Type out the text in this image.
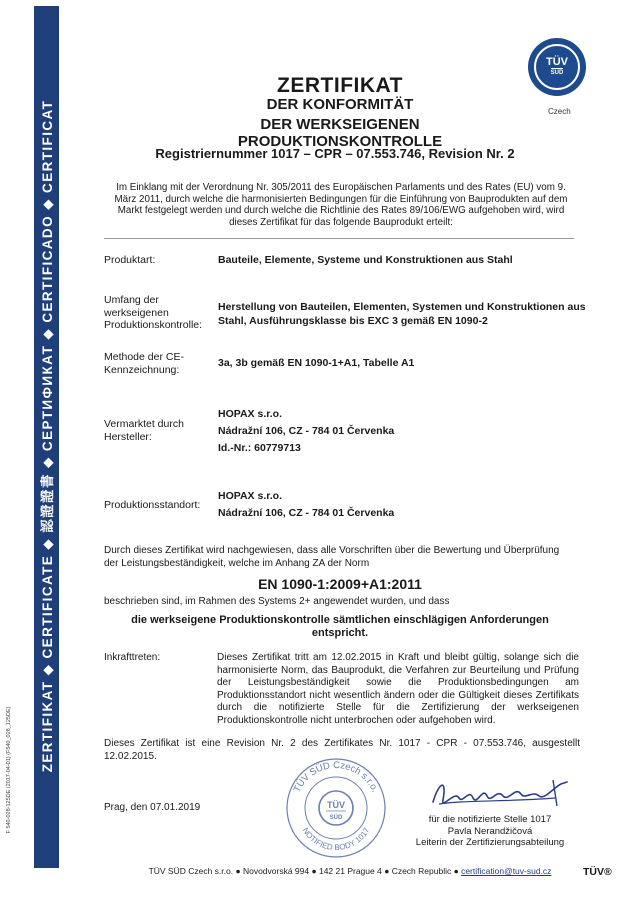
ZERTIFIKAT ◆ CERTIFICATE ◆ 認證證書 ◆ СЕРТИФИКАТ ◆ CERTIFICADO ◆ CERTIFICAT
F 540-028-125DE (2017-04-01) (F540_028_125DE)
TÜV
SÜD
Czech
ZERTIFIKAT
DER KONFORMITÄT
DER WERKSEIGENEN PRODUKTIONSKONTROLLE
Registriernummer 1017 – CPR – 07.553.746, Revision Nr. 2
Im Einklang mit der Verordnung Nr. 305/2011 des Europäischen Parlaments und des Rates (EU) vom 9. März 2011, durch welche die harmonisierten Bedingungen für die Einführung von Bauprodukten auf dem Markt festgelegt werden und durch welche die Richtlinie des Rates 89/106/EWG aufgehoben wird, wird dieses Zertifikat für das folgende Bauprodukt erteilt:
Produktart:	Bauteile, Elemente, Systeme und Konstruktionen aus Stahl
Umfang der werkseigenen Produktionskontrolle:
Herstellung von Bauteilen, Elementen, Systemen und Konstruktionen aus Stahl, Ausführungsklasse bis EXC 3 gemäß EN 1090-2
Methode der CE-Kennzeichnung:
3a, 3b gemäß EN 1090-1+A1, Tabelle A1
Vermarktet durch Hersteller:
HOPAX s.r.o.
Nádražní 106, CZ - 784 01 Červenka
Id.-Nr.: 60779713
Produktionsstandort:
HOPAX s.r.o.
Nádražní 106, CZ - 784 01 Červenka
Durch dieses Zertifikat wird nachgewiesen, dass alle Vorschriften über die Bewertung und Überprüfung der Leistungsbeständigkeit, welche im Anhang ZA der Norm
EN 1090-1:2009+A1:2011
beschrieben sind, im Rahmen des Systems 2+ angewendet wurden, und dass
die werkseigene Produktionskontrolle sämtlichen einschlägigen Anforderungen entspricht.
Inkrafttreten:	Dieses Zertifikat tritt am 12.02.2015 in Kraft und bleibt gültig, solange sich die harmonisierte Norm, das Bauprodukt, die Verfahren zur Beurteilung und Prüfung der Leistungsbeständigkeit sowie die Produktionsbedingungen am Produktionsstandort nicht wesentlich ändern oder die Gültigkeit dieses Zertifikats durch die notifizierte Stelle für die Zertifizierung der werkseigenen Produktionskontrolle nicht unterbrochen oder aufgehoben wird.
Dieses Zertifikat ist eine Revision Nr. 2 des Zertifikates Nr. 1017 - CPR - 07.553.746, ausgestellt 12.02.2015.
Prag, den 07.01.2019
TÜV SÜD Czech s.r.o.
NOTIFIED BODY 1017
TÜV
SÜD	für die notifizierte Stelle 1017
Pavla Nerandžičová
Leiterin der Zertifizierungsabteilung
TÜV SÜD Czech s.r.o. ● Novodvorská 994 ● 142 21 Prague 4 ● Czech Republic ● certification@tuv-sud.cz	TÜV®
